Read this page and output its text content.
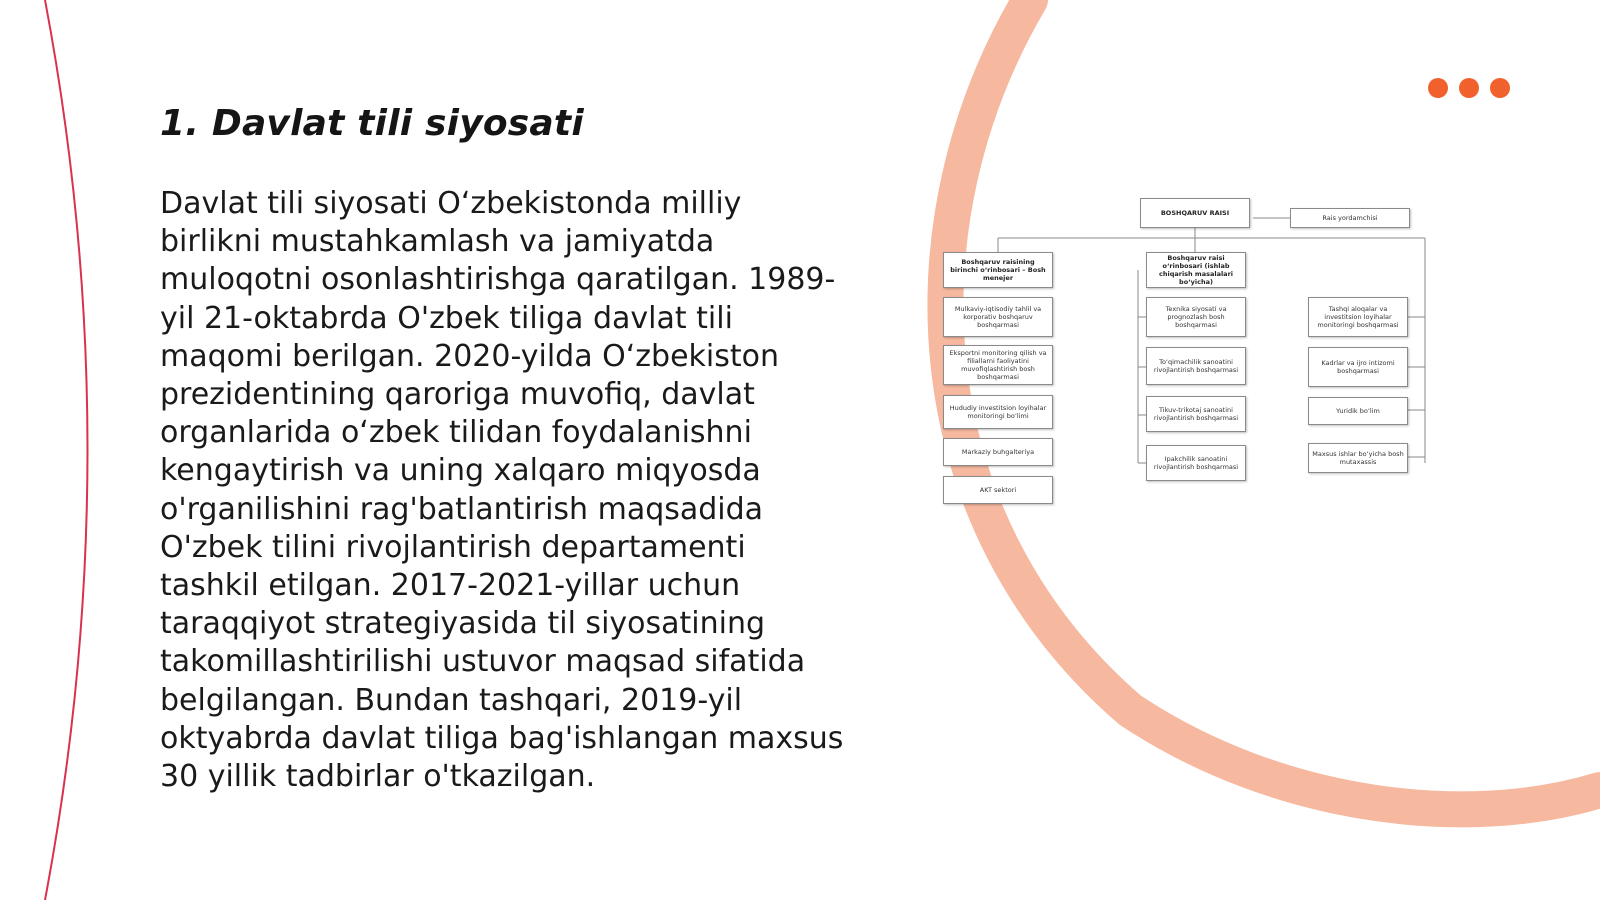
1. Davlat tili siyosati

Davlat tili siyosati O‘zbekistonda milliy birlikni mustahkamlash va jamiyatda muloqotni osonlashtirishga qaratilgan. 1989-yil 21-oktabrda O'zbek tiliga davlat tili maqomi berilgan. 2020-yilda O‘zbekiston prezidentining qaroriga muvofiq, davlat organlarida o‘zbek tilidan foydalanishni kengaytirish va uning xalqaro miqyosda o'rganilishini rag'batlantirish maqsadida O'zbek tilini rivojlantirish departamenti tashkil etilgan. 2017-2021-yillar uchun taraqqiyot strategiyasida til siyosatining takomillashtirilishi ustuvor maqsad sifatida belgilangan. Bundan tashqari, 2019-yil oktyabrda davlat tiliga bag'ishlangan maxsus 30 yillik tadbirlar o'tkazilgan.

BOSHQARUV RAISI
Rais yordamchisi
Boshqaruv raisining birinchi o‘rinbosari – Bosh menejer
Mulkaviy-iqtisodiy tahlil va korporativ boshqaruv boshqarmasi
Eksportni monitoring qilish va filiallarni faoliyatini muvofiqlashtirish bosh boshqarmasi
Hududiy investitsion loyihalar monitoringi bo‘limi
Markaziy buhgalteriya
AKT sektori
Boshqaruv raisi o‘rinbosari (ishlab chiqarish masalalari bo‘yicha)
Texnika siyosati va prognozlash bosh boshqarmasi
To‘qimachilik sanoatini rivojlantirish boshqarmasi
Tikuv-trikotaj sanoatini rivojlantirish boshqarmasi
Ipakchilik sanoatini rivojlantirish boshqarmasi
Tashqi aloqalar va investitsion loyihalar monitoringi boshqarmasi
Kadrlar va ijro intizomi boshqarmasi
Yuridik bo‘lim
Maxsus ishlar bo‘yicha bosh mutaxassis
